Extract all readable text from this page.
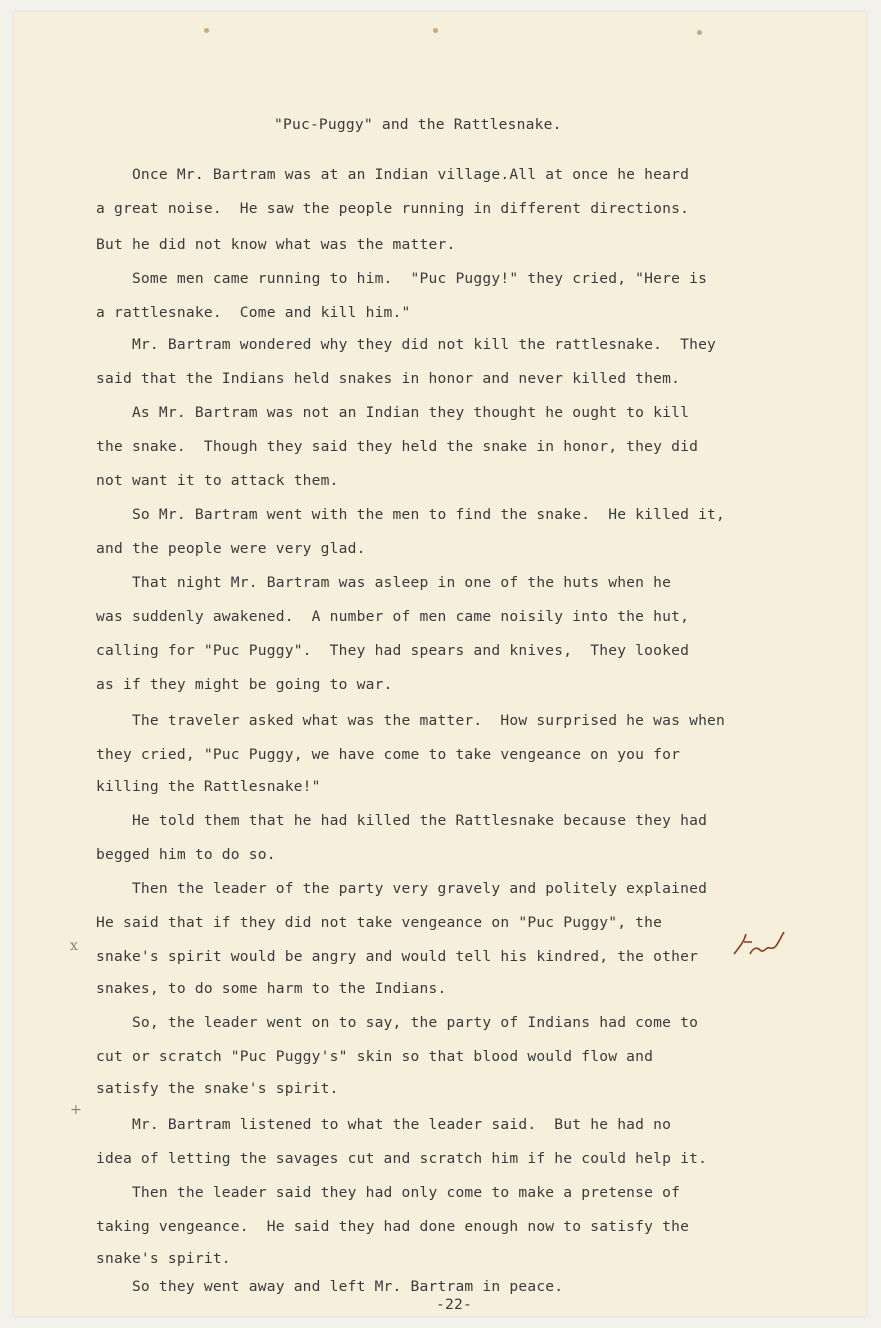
"Puc-Puggy" and the Rattlesnake.
Once Mr. Bartram was at an Indian village.All at once he heard
a great noise.  He saw the people running in different directions.
But he did not know what was the matter.
Some men came running to him.  "Puc Puggy!" they cried, "Here is
a rattlesnake.  Come and kill him."
Mr. Bartram wondered why they did not kill the rattlesnake.  They
said that the Indians held snakes in honor and never killed them.
As Mr. Bartram was not an Indian they thought he ought to kill
the snake.  Though they said they held the snake in honor, they did
not want it to attack them.
So Mr. Bartram went with the men to find the snake.  He killed it,
and the people were very glad.
That night Mr. Bartram was asleep in one of the huts when he
was suddenly awakened.  A number of men came noisily into the hut,
calling for "Puc Puggy".  They had spears and knives,  They looked
as if they might be going to war.
The traveler asked what was the matter.  How surprised he was when
they cried, "Puc Puggy, we have come to take vengeance on you for
killing the Rattlesnake!"
He told them that he had killed the Rattlesnake because they had
begged him to do so.
Then the leader of the party very gravely and politely explained
He said that if they did not take vengeance on "Puc Puggy", the
snake's spirit would be angry and would tell his kindred, the other
snakes, to do some harm to the Indians.
So, the leader went on to say, the party of Indians had come to
cut or scratch "Puc Puggy's" skin so that blood would flow and
satisfy the snake's spirit.
Mr. Bartram listened to what the leader said.  But he had no
idea of letting the savages cut and scratch him if he could help it.
Then the leader said they had only come to make a pretense of
taking vengeance.  He said they had done enough now to satisfy the
snake's spirit.
So they went away and left Mr. Bartram in peace.
x
+
-22-
